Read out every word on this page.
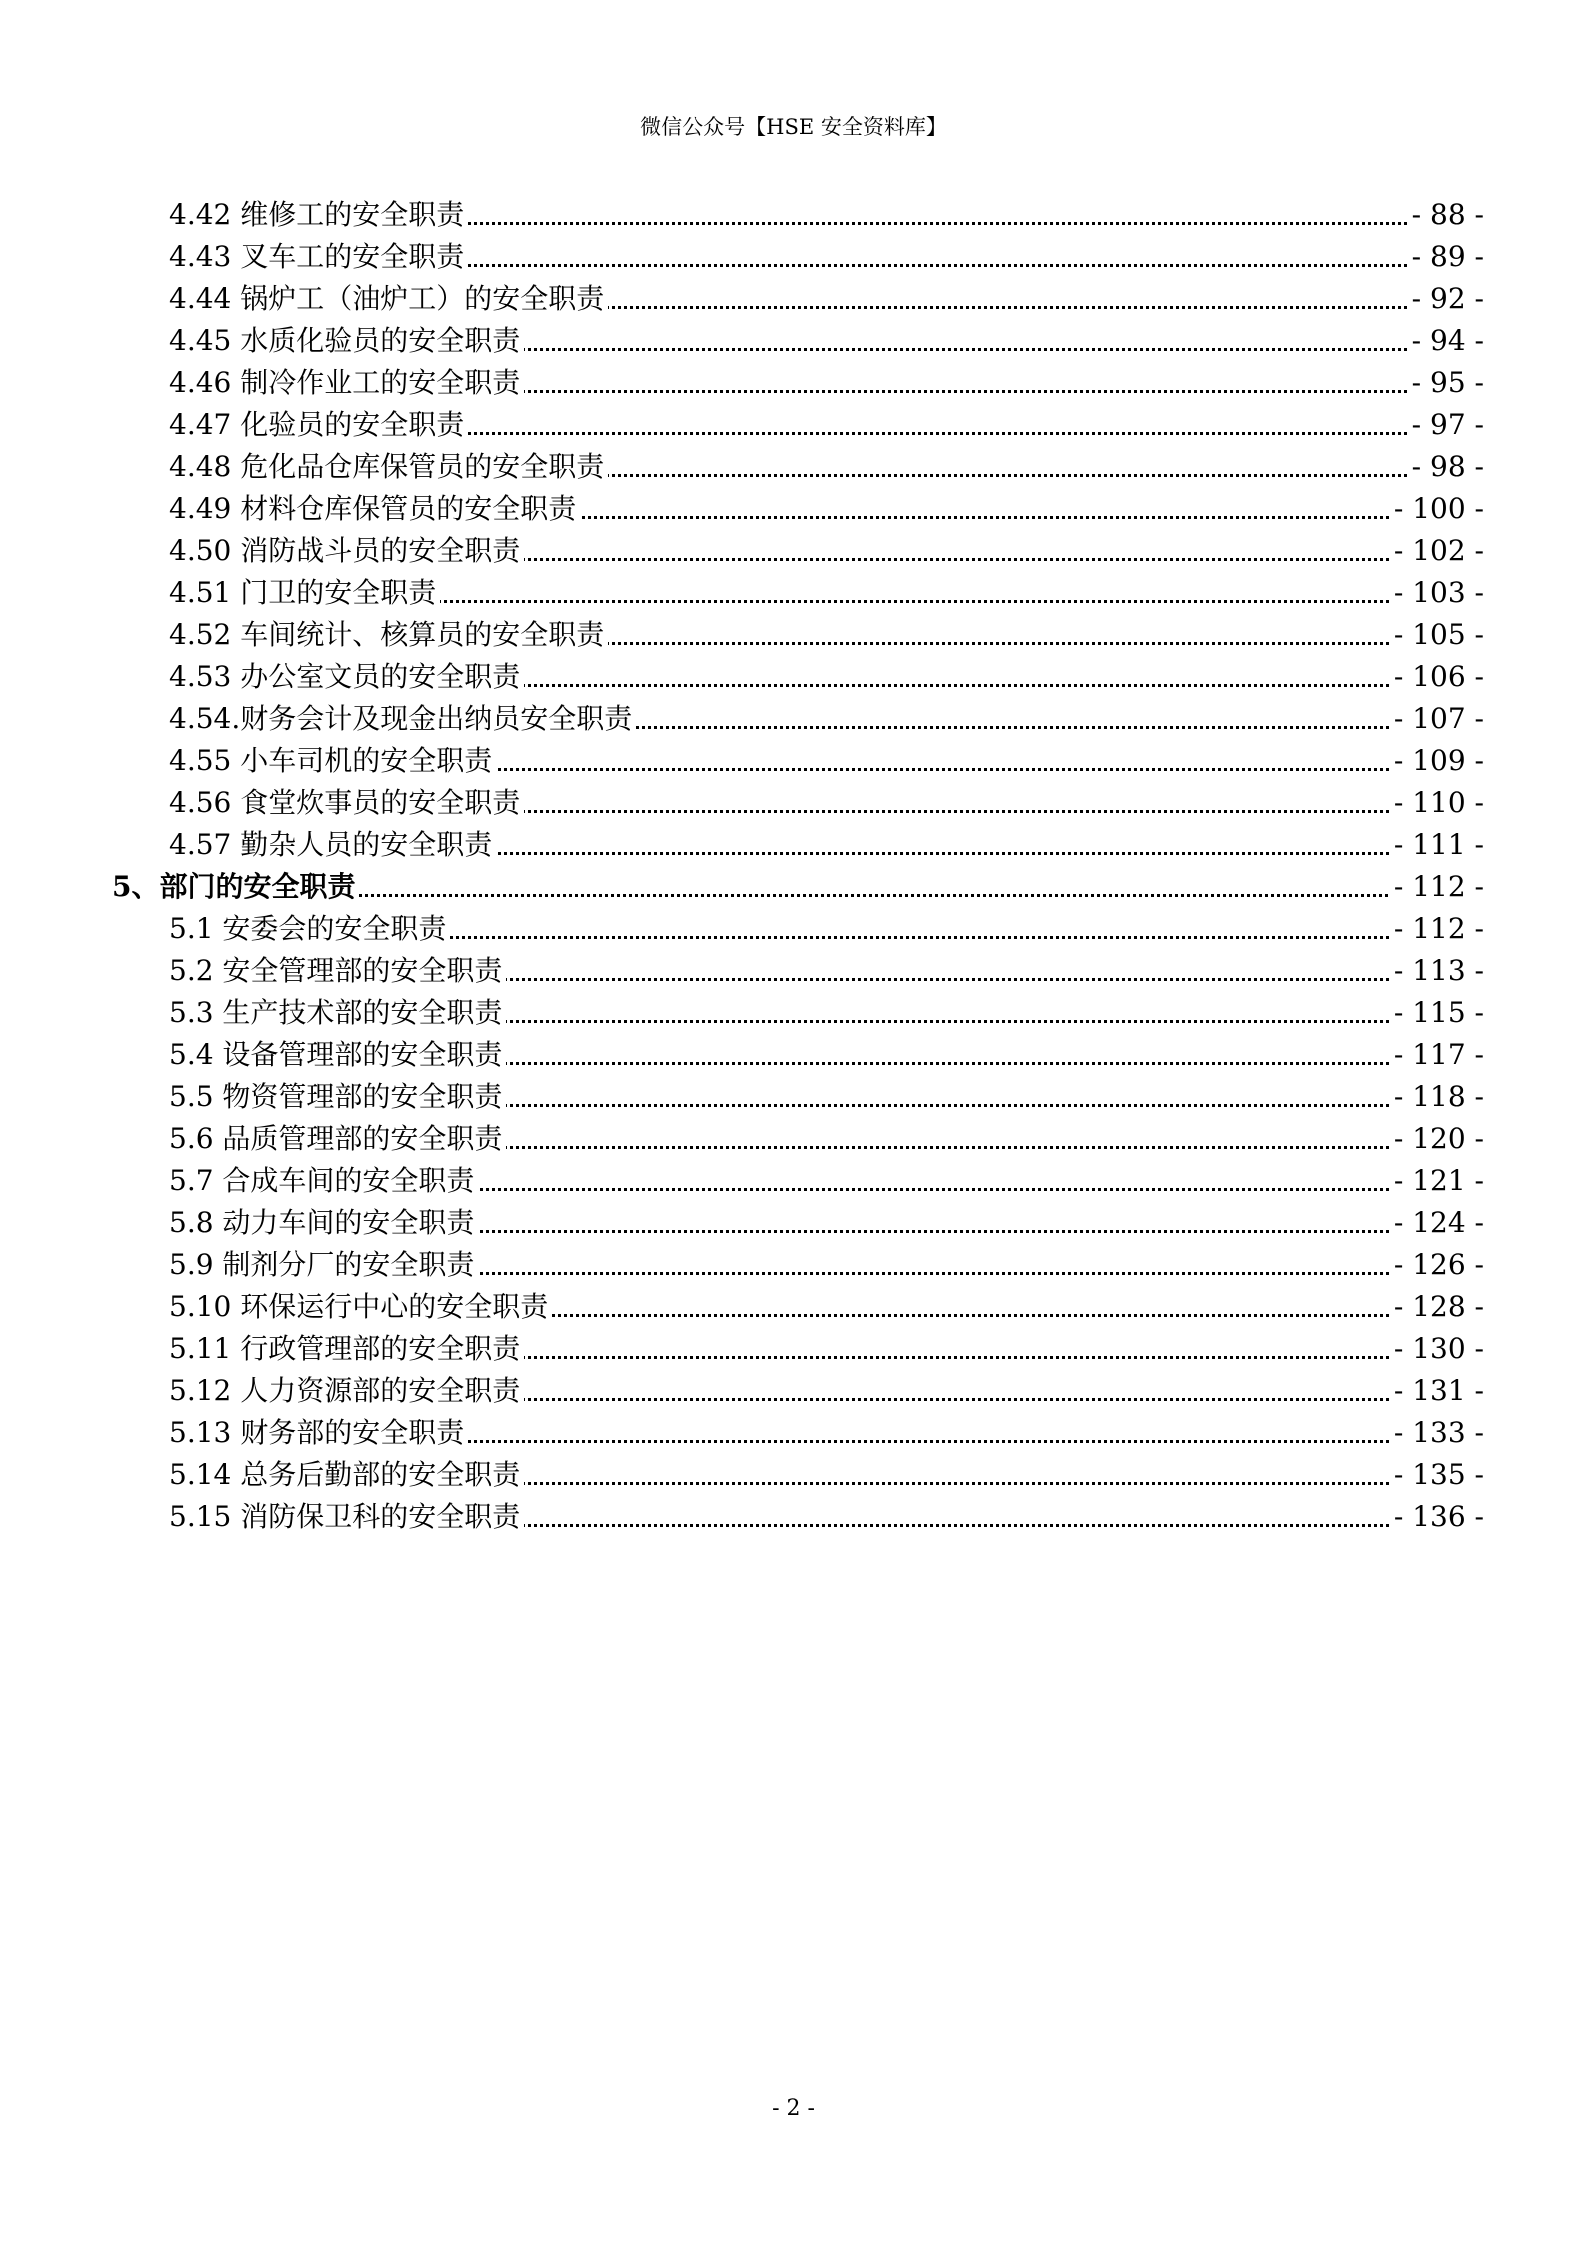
微信公众号【HSE 安全资料库】
4.42 维修工的安全职责	- 88 -
4.43 叉车工的安全职责	- 89 -
4.44 锅炉工（油炉工）的安全职责	- 92 -
4.45 水质化验员的安全职责	- 94 -
4.46 制冷作业工的安全职责	- 95 -
4.47 化验员的安全职责	- 97 -
4.48 危化品仓库保管员的安全职责	- 98 -
4.49 材料仓库保管员的安全职责	- 100 -
4.50 消防战斗员的安全职责	- 102 -
4.51 门卫的安全职责	- 103 -
4.52 车间统计、核算员的安全职责	- 105 -
4.53 办公室文员的安全职责	- 106 -
4.54.财务会计及现金出纳员安全职责	- 107 -
4.55 小车司机的安全职责	- 109 -
4.56 食堂炊事员的安全职责	- 110 -
4.57 勤杂人员的安全职责	- 111 -
5、部门的安全职责	- 112 -
5.1 安委会的安全职责	- 112 -
5.2 安全管理部的安全职责	- 113 -
5.3 生产技术部的安全职责	- 115 -
5.4 设备管理部的安全职责	- 117 -
5.5 物资管理部的安全职责	- 118 -
5.6 品质管理部的安全职责	- 120 -
5.7 合成车间的安全职责	- 121 -
5.8 动力车间的安全职责	- 124 -
5.9 制剂分厂的安全职责	- 126 -
5.10 环保运行中心的安全职责	- 128 -
5.11 行政管理部的安全职责	- 130 -
5.12 人力资源部的安全职责	- 131 -
5.13 财务部的安全职责	- 133 -
5.14 总务后勤部的安全职责	- 135 -
5.15 消防保卫科的安全职责	- 136 -
- 2 -
